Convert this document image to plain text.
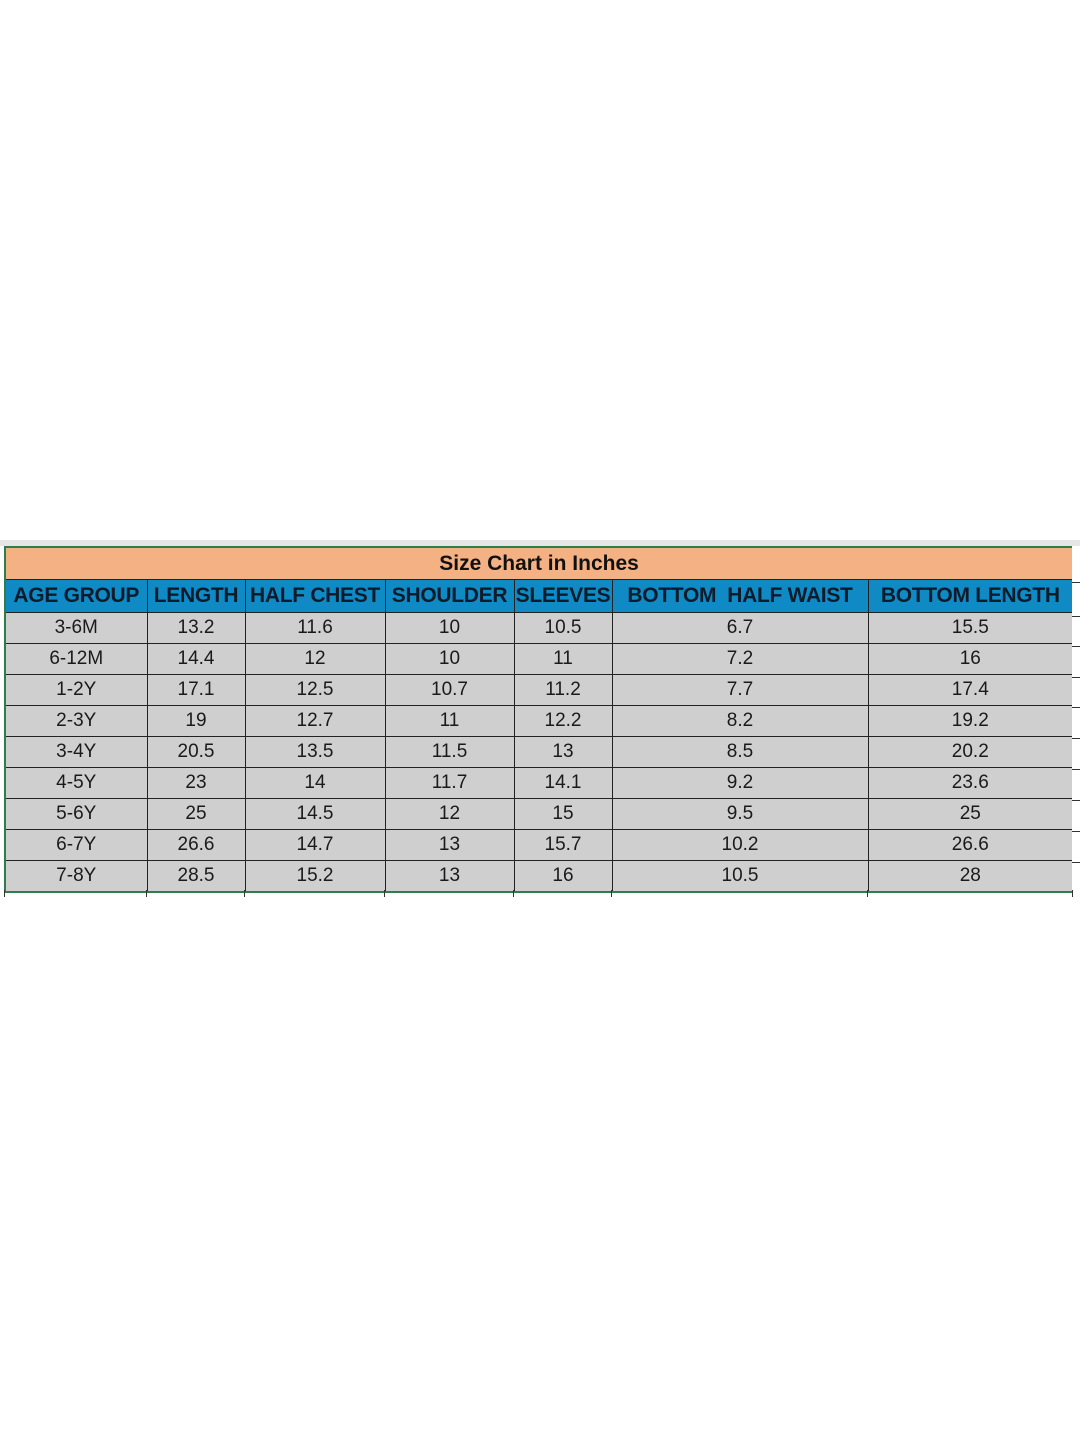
Size Chart in Inches						
AGE GROUP	LENGTH	HALF CHEST	SHOULDER	SLEEVES	BOTTOM  HALF WAIST	BOTTOM LENGTH
3-6M	13.2	11.6	10	10.5	6.7	15.5
6-12M	14.4	12	10	11	7.2	16
1-2Y	17.1	12.5	10.7	11.2	7.7	17.4
2-3Y	19	12.7	11	12.2	8.2	19.2
3-4Y	20.5	13.5	11.5	13	8.5	20.2
4-5Y	23	14	11.7	14.1	9.2	23.6
5-6Y	25	14.5	12	15	9.5	25
6-7Y	26.6	14.7	13	15.7	10.2	26.6
7-8Y	28.5	15.2	13	16	10.5	28
